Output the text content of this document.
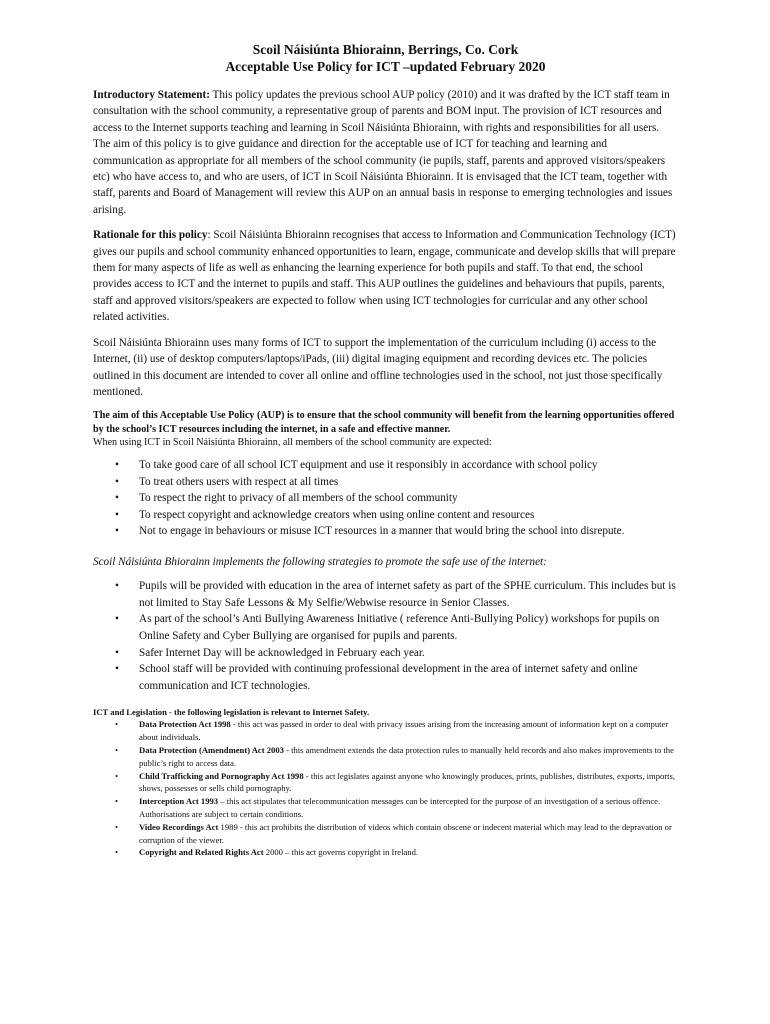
Scoil Náisiúnta Bhiorainn, Berrings, Co. Cork

Acceptable Use Policy for ICT –updated February 2020

Introductory Statement: This policy updates the previous school AUP policy (2010) and it was drafted by the ICT staff team in consultation with the school community, a representative group of parents and BOM input. The provision of ICT resources and access to the Internet supports teaching and learning in Scoil Náisiúnta Bhiorainn, with rights and responsibilities for all users. The aim of this policy is to give guidance and direction for the acceptable use of ICT for teaching and learning and communication as appropriate for all members of the school community (ie pupils, staff, parents and approved visitors/speakers etc) who have access to, and who are users, of ICT in Scoil Náisiúnta Bhiorainn. It is envisaged that the ICT team, together with staff, parents and Board of Management will review this AUP on an annual basis in response to emerging technologies and issues arising.

Rationale for this policy: Scoil Náisiúnta Bhiorainn recognises that access to Information and Communication Technology (ICT) gives our pupils and school community enhanced opportunities to learn, engage, communicate and develop skills that will prepare them for many aspects of life as well as enhancing the learning experience for both pupils and staff. To that end, the school provides access to ICT and the internet to pupils and staff. This AUP outlines the guidelines and behaviours that pupils, parents, staff and approved visitors/speakers are expected to follow when using ICT technologies for curricular and any other school related activities.

Scoil Náisiúnta Bhiorainn uses many forms of ICT to support the implementation of the curriculum including (i) access to the Internet, (ii) use of desktop computers/laptops/iPads, (iii) digital imaging equipment and recording devices etc. The policies outlined in this document are intended to cover all online and offline technologies used in the school, not just those specifically mentioned.

The aim of this Acceptable Use Policy (AUP) is to ensure that the school community will benefit from the learning opportunities offered by the school’s ICT resources including the internet, in a safe and effective manner.

When using ICT in Scoil Náisiúnta Bhiorainn, all members of the school community are expected:

• To take good care of all school ICT equipment and use it responsibly in accordance with school policy
• To treat others users with respect at all times
• To respect the right to privacy of all members of the school community
• To respect copyright and acknowledge creators when using online content and resources
• Not to engage in behaviours or misuse ICT resources in a manner that would bring the school into disrepute.

Scoil Náisiúnta Bhiorainn implements the following strategies to promote the safe use of the internet:

• Pupils will be provided with education in the area of internet safety as part of the SPHE curriculum. This includes but is not limited to Stay Safe Lessons & My Selfie/Webwise resource in Senior Classes.
• As part of the school’s Anti Bullying Awareness Initiative ( reference Anti-Bullying Policy) workshops for pupils on Online Safety and Cyber Bullying are organised for pupils and parents.
• Safer Internet Day will be acknowledged in February each year.
• School staff will be provided with continuing professional development in the area of internet safety and online communication and ICT technologies.

ICT and Legislation - the following legislation is relevant to Internet Safety.

• Data Protection Act 1998 - this act was passed in order to deal with privacy issues arising from the increasing amount of information kept on a computer about individuals.
• Data Protection (Amendment) Act 2003 - this amendment extends the data protection rules to manually held records and also makes improvements to the public’s right to access data.
• Child Trafficking and Pornography Act 1998 - this act legislates against anyone who knowingly produces, prints, publishes, distributes, exports, imports, shows, possesses or sells child pornography.
• Interception Act 1993 – this act stipulates that telecommunication messages can be intercepted for the purpose of an investigation of a serious offence. Authorisations are subject to certain conditions.
• Video Recordings Act 1989 - this act prohibits the distribution of videos which contain obscene or indecent material which may lead to the depravation or corruption of the viewer.
• Copyright and Related Rights Act 2000 – this act governs copyright in Ireland.
